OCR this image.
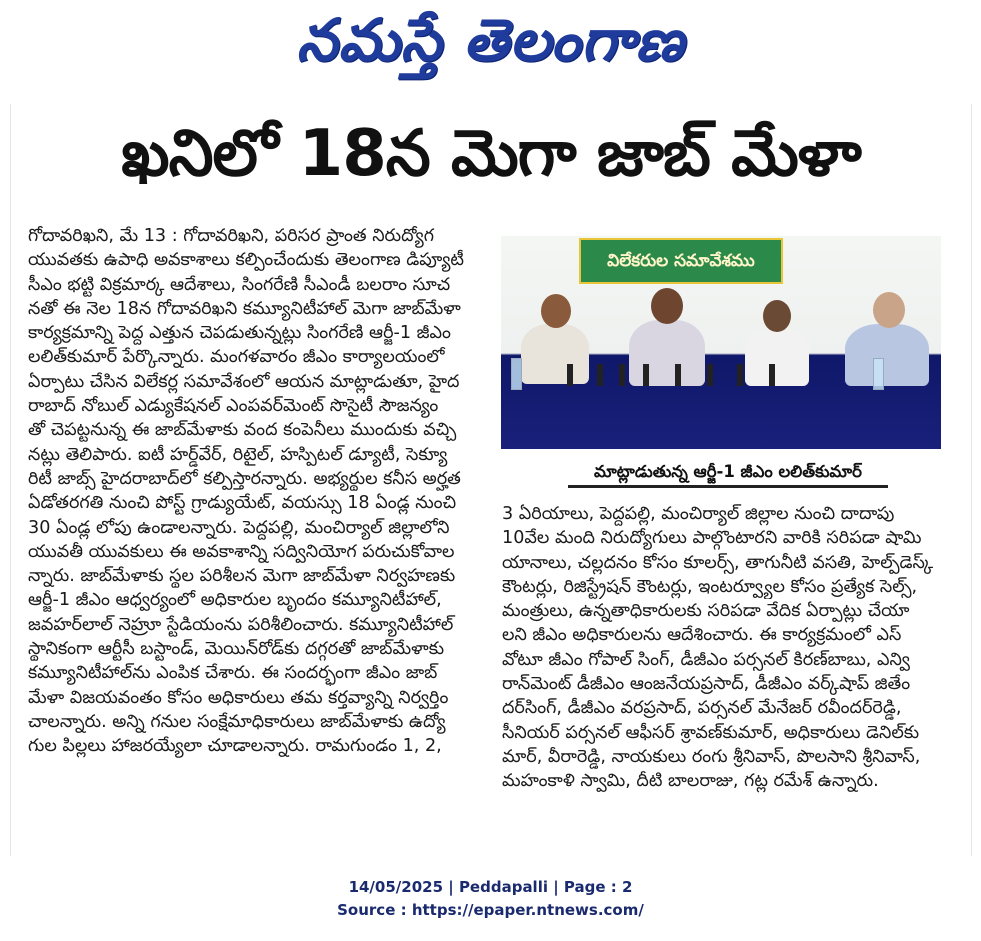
నమస్తే తెలంగాణ
ఖనిలో 18న మెగా జాబ్ మేళా

గోదావరిఖని, మే 13 : గోదావరిఖని, పరిసర ప్రాంత నిరుద్యోగ

యువతకు ఉపాధి అవకాశాలు కల్పించేందుకు తెలంగాణ డిప్యూటీ

సీఎం భట్టి విక్రమార్క ఆదేశాలు, సింగరేణి సీఎండీ బలరాం సూచ

నతో ఈ నెల 18న గోదావరిఖని కమ్యూనిటీహాల్ మెగా జాబ్‌మేళా

కార్యక్రమాన్ని పెద్ద ఎత్తున చెపడుతున్నట్లు సింగరేణి ఆర్జీ-1 జీఎం

లలిత్‌కుమార్ పేర్కొన్నారు. మంగళవారం జీఎం కార్యాలయంలో

ఏర్పాటు చేసిన విలేకర్ల సమావేశంలో ఆయన మాట్లాడుతూ, హైద

రాబాద్ నోబుల్ ఎడ్యుకేషనల్ ఎంపవర్‌మెంట్ సొసైటీ సౌజన్యం

తో చెపట్టనున్న ఈ జాబ్‌మేళాకు వంద కంపెనీలు ముందుకు వచ్చి

నట్లు తెలిపారు. ఐటీ హర్డ్‌వేర్, రిటైల్, హస్పిటల్ డ్యూటీ, సెక్యూ

రిటీ జాబ్స్ హైదరాబాద్‌లో కల్పిస్తారన్నారు. అభ్యర్థుల కనీస అర్హత

ఏడోతరగతి నుంచి పోస్ట్ గ్రాడ్యుయేట్, వయస్సు 18 ఏండ్ల నుంచి

30 ఏండ్ల లోపు ఉండాలన్నారు. పెద్దపల్లి, మంచిర్యాల్ జిల్లాలోని

యువతీ యువకులు ఈ అవకాశాన్ని సద్వినియోగ పరుచుకోవాల

న్నారు. జాబ్‌మేళాకు స్థల పరిశీలన మెగా జాబ్‌మేళా నిర్వహణకు

ఆర్జీ-1 జీఎం ఆధ్వర్యంలో అధికారుల బృందం కమ్యూనిటీహాల్,

జవహర్‌లాల్ నెహ్రూ స్టేడియంను పరిశీలించారు. కమ్యూనిటీహాల్

స్థానికంగా ఆర్టీసీ బస్టాండ్, మెయిన్‌రోడ్‌కు దగ్గరతో జాబ్‌మేళాకు

కమ్యూనిటీహాల్‌ను ఎంపిక చేశారు. ఈ సందర్భంగా జీఎం జాబ్

మేళా విజయవంతం కోసం అధికారులు తమ కర్తవ్యాన్ని నిర్వర్తిం

చాలన్నారు. అన్ని గనుల సంక్షేమాధికారులు జాబ్‌మేళాకు ఉద్యో

గుల పిల్లలు హాజరయ్యేలా చూడాలన్నారు. రామగుండం 1, 2,

విలేకరుల సమావేశము
మాట్లాడుతున్న ఆర్జీ-1 జీఎం లలిత్‌కుమార్

3 ఏరియాలు, పెద్దపల్లి, మంచిర్యాల్ జిల్లాల నుంచి దాదాపు

10వేల మంది నిరుద్యోగులు పాల్గొంటారని వారికి సరిపడా షామి

యానాలు, చల్లదనం కోసం కూలర్స్, తాగునీటి వసతి, హెల్ప్‌డెస్క్

కౌంటర్లు, రిజిస్ట్రేషన్ కౌంటర్లు, ఇంటర్వ్యూల కోసం ప్రత్యేక సెల్స్,

మంత్రులు, ఉన్నతాధికారులకు సరిపడా వేదిక ఏర్పాట్లు చేయా

లని జీఎం అధికారులను ఆదేశించారు. ఈ కార్యక్రమంలో ఎస్

వోటూ జీఎం గోపాల్ సింగ్, డీజీఎం పర్సనల్ కిరణ్‌బాబు, ఎన్వి

రాన్‌మెంట్ డీజీఎం ఆంజనేయప్రసాద్, డీజీఎం వర్క్‌షాప్ జితేం

దర్‌సింగ్, డీజీఎం వరప్రసాద్, పర్సనల్ మేనేజర్ రవీందర్‌రెడ్డి,

సీనియర్ పర్సనల్ ఆఫీసర్ శ్రావణ్‌కుమార్, అధికారులు డెనిల్‌కు

మార్, వీరారెడ్డి, నాయకులు రంగు శ్రీనివాస్, పొలసాని శ్రీనివాస్,

మహంకాళి స్వామి, దీటి బాలరాజు, గట్ల రమేశ్ ఉన్నారు.

14/05/2025 | Peddapalli | Page : 2
Source : https://epaper.ntnews.com/
